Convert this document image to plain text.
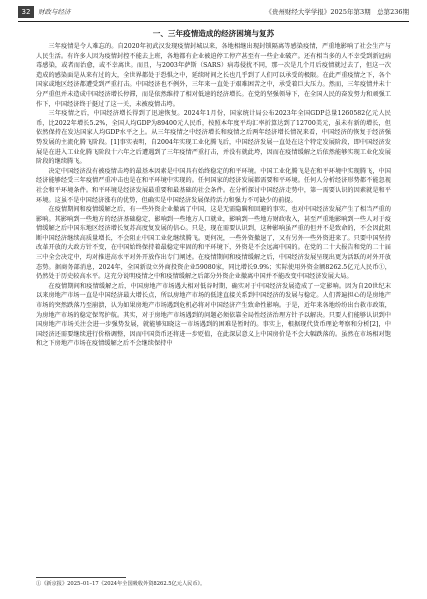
32	财政与经济	《贵州财经大学学报》2025年第3期　总第236期
一、三年疫情造成的经济困境与复苏

三年疫情是令人难忘的。自2020年初武汉发现疫情封城以来，各地相继出现封锁隔离等感染疫情，严重地影响了社会生产与人民生活。有许多人因为疫情封控不能去上班，各地都有企业被迫停工停产甚至有一些企业破产。还有相当多的人不幸受到新冠病毒感染，或者而治愈，或不幸离世。而且，与2003年萨斯（SARS）病毒侵扰不同，那一次是几个月后疫情就过去了，但这一次造成的感染面是从来有过的大，全世界都处于恐惧之中，延续时间之长也几乎到了人们可以承受的极限。在此严重疫情之下，各个国家或地区经济都遭受到严重打击。中国经济也不例外，三年来一直处于艰难困苦之中，承受着巨大压力。然而，三年疫情并未十分严重但并未造成中国经济增长停滞，而是依然维持了相对低速的经济增长。在党的坚强领导下，在全国人民的奋发努力和顽强工作下，中国经济终于挺过了这一关，未被疫情击垮。

三年疫情之后，中国经济增长得到了迅速恢复。2024年1月份，国家统计局公布2023年全国GDP总量1260582亿元人民币，比2022年增长5.2%，全国人均GDP为89400元人民币，按照本年度平均汇率折算达到了12700美元，虽未有新的增长，但依然保持在发达国家人均GDP水平之上。从三年疫情之中经济增长和疫情之后两年经济增长情况来看，中国经济的恢复于经济强势发展的主流化腾飞阶段。[1]事实表明，自2004年实现工业化腾飞后，中国经济发展一直处在这个特定发展阶段，即中国经济发展是在进入工业化腾飞阶段十六年之后遭遇到了三年疫情严重打击，并没有就此垮，因而在疫情缓解之后依然能够实现工业化发展阶段的继续腾飞。

决定中国经济没有被疫情击垮的最基本因素是中国具有始终稳定的和平环境。中国工业化腾飞是在和平环境中实现腾飞，中国经济能够经受三年疫情严重冲击也是在和平环境中实现的。任何国家的经济发展都需要和平环境。任何人分析经济形势都不能忽视社会和平环境条件。和平环境是经济发展最重要和最基础的社会条件。在分析探讨中国经济走势中，第一需要认识的因素就是和平环境。这虽不是中国经济涨有的优势，但确实是中国经济发展保持活力和强力不可缺少的前提。

在疫情期间和疫情缓解之后，有一些外资企业撤离了中国，这是无需隐瞒和回避的事实，也对中国经济发展产生了相当严重的影响。其影响到一些地方的经济基础稳定，影响到一些地方人口就业，影响到一些地方财政收入，甚至严重地影响到一些人对于疫情缓解之后中国东地区经济增长复苏高度复发展的信心。只是，现在需要认识到，这种影响虽严重的但并不是致命的，不会因此阻断中国经济继续高质量增长，不会阻止中国工业化继续腾飞。更何况，一些外资撤退了，又有另外一些外资进来了。只要中国坚持改革开放的大政方针不变，在中国始终保持着最稳定牢固的和平环境下，外资是不会远离中国的。在党的二十大报告和党的二十届三中全会决定中，均对推进高水平对外开放作出专门阐述。在疫情期间和疫情缓解之后，中国经济发展呈现出更为活跃的对外开放态势。据商务部消息，2024年，全国新设立外商投资企业59080家，同比增长9.9%；实际使用外资金额8262.5亿元人民币①，仍然处于历史较高水平。这充分说明疫情之中和疫情缓解之后部分外资企业撤离中国并不能改变中国经济发展大局。

在疫情期间和疫情缓解之后，中国房地产市场遇大相对低谷时期，确实对于中国经济发展造成了一定影响。因为自20世纪末以来房地产市场一直是中国经济最大增长点，所以房地产市场的低迷直接关系到中国经济的发展与稳定。人们普遍担心的是房地产市场的突然跌落乃至崩溃，认为如果房地产市场遇到危机必将对中国经济产生致命性影响。于是，近年来各地纷纷出台救市政策，为房地产市场的稳定保驾护航。其实，对于房地产市场遇到的问题必须依靠全局性经济治理方针予以解决。只要人们能够认识到中国房地产市场关注会进一步强势发展，就能够知晓这一市场遇到的困难是暂时的。事实上，根据现代货币理论考察和分析[2]，中国经济还需要继续进行价格调整，因而中国货币还将进一步贬值，在此深层意义上中国房价是不会大幅跌落的。虽然在市场相对饱和之下房地产市场在疫情缓解之后不会继续保持中

①《新京报》2025–01–17《2024年全国吸收外资8262.5亿元人民币》。
